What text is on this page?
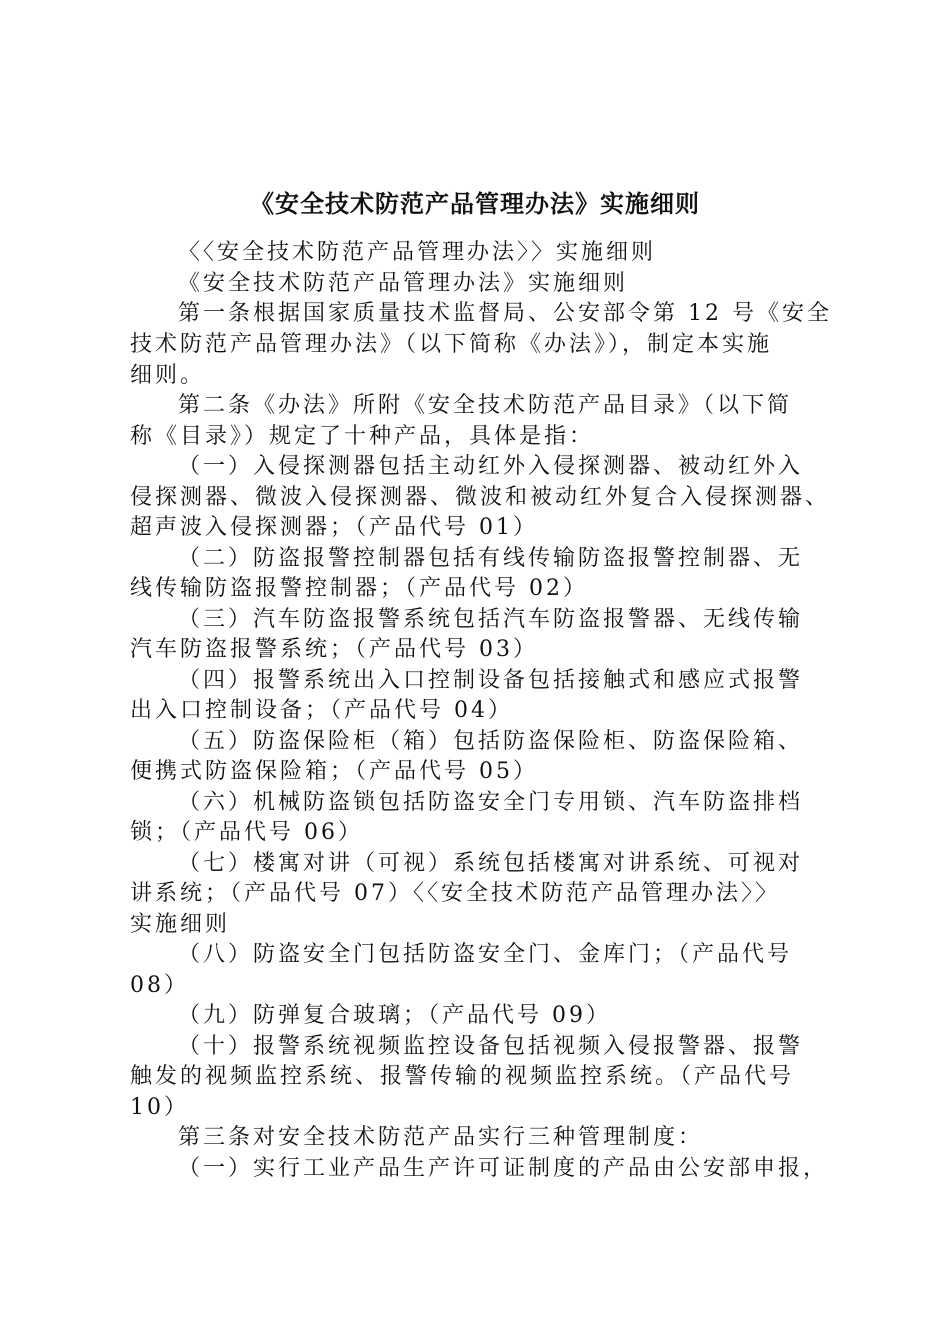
《安全技术防范产品管理办法》实施细则
〈〈安全技术防范产品管理办法〉〉实施细则
《安全技术防范产品管理办法》实施细则
第一条根据国家质量技术监督局、公安部令第 12 号《安全
技术防范产品管理办法》（以下简称《办法》），制定本实施
细则。
第二条《办法》所附《安全技术防范产品目录》（以下简
称《目录》）规定了十种产品，具体是指：
（一）入侵探测器包括主动红外入侵探测器、被动红外入
侵探测器、微波入侵探测器、微波和被动红外复合入侵探测器、
超声波入侵探测器；（产品代号 01）
（二）防盗报警控制器包括有线传输防盗报警控制器、无
线传输防盗报警控制器；（产品代号 02）
（三）汽车防盗报警系统包括汽车防盗报警器、无线传输
汽车防盗报警系统；（产品代号 03）
（四）报警系统出入口控制设备包括接触式和感应式报警
出入口控制设备；（产品代号 04）
（五）防盗保险柜（箱）包括防盗保险柜、防盗保险箱、
便携式防盗保险箱；（产品代号 05）
（六）机械防盗锁包括防盗安全门专用锁、汽车防盗排档
锁；（产品代号 06）
（七）楼寓对讲（可视）系统包括楼寓对讲系统、可视对
讲系统；（产品代号 07）〈〈安全技术防范产品管理办法〉〉
实施细则
（八）防盗安全门包括防盗安全门、金库门；（产品代号
08）
（九）防弹复合玻璃；（产品代号 09）
（十）报警系统视频监控设备包括视频入侵报警器、报警
触发的视频监控系统、报警传输的视频监控系统。（产品代号
10）
第三条对安全技术防范产品实行三种管理制度：
（一）实行工业产品生产许可证制度的产品由公安部申报，
